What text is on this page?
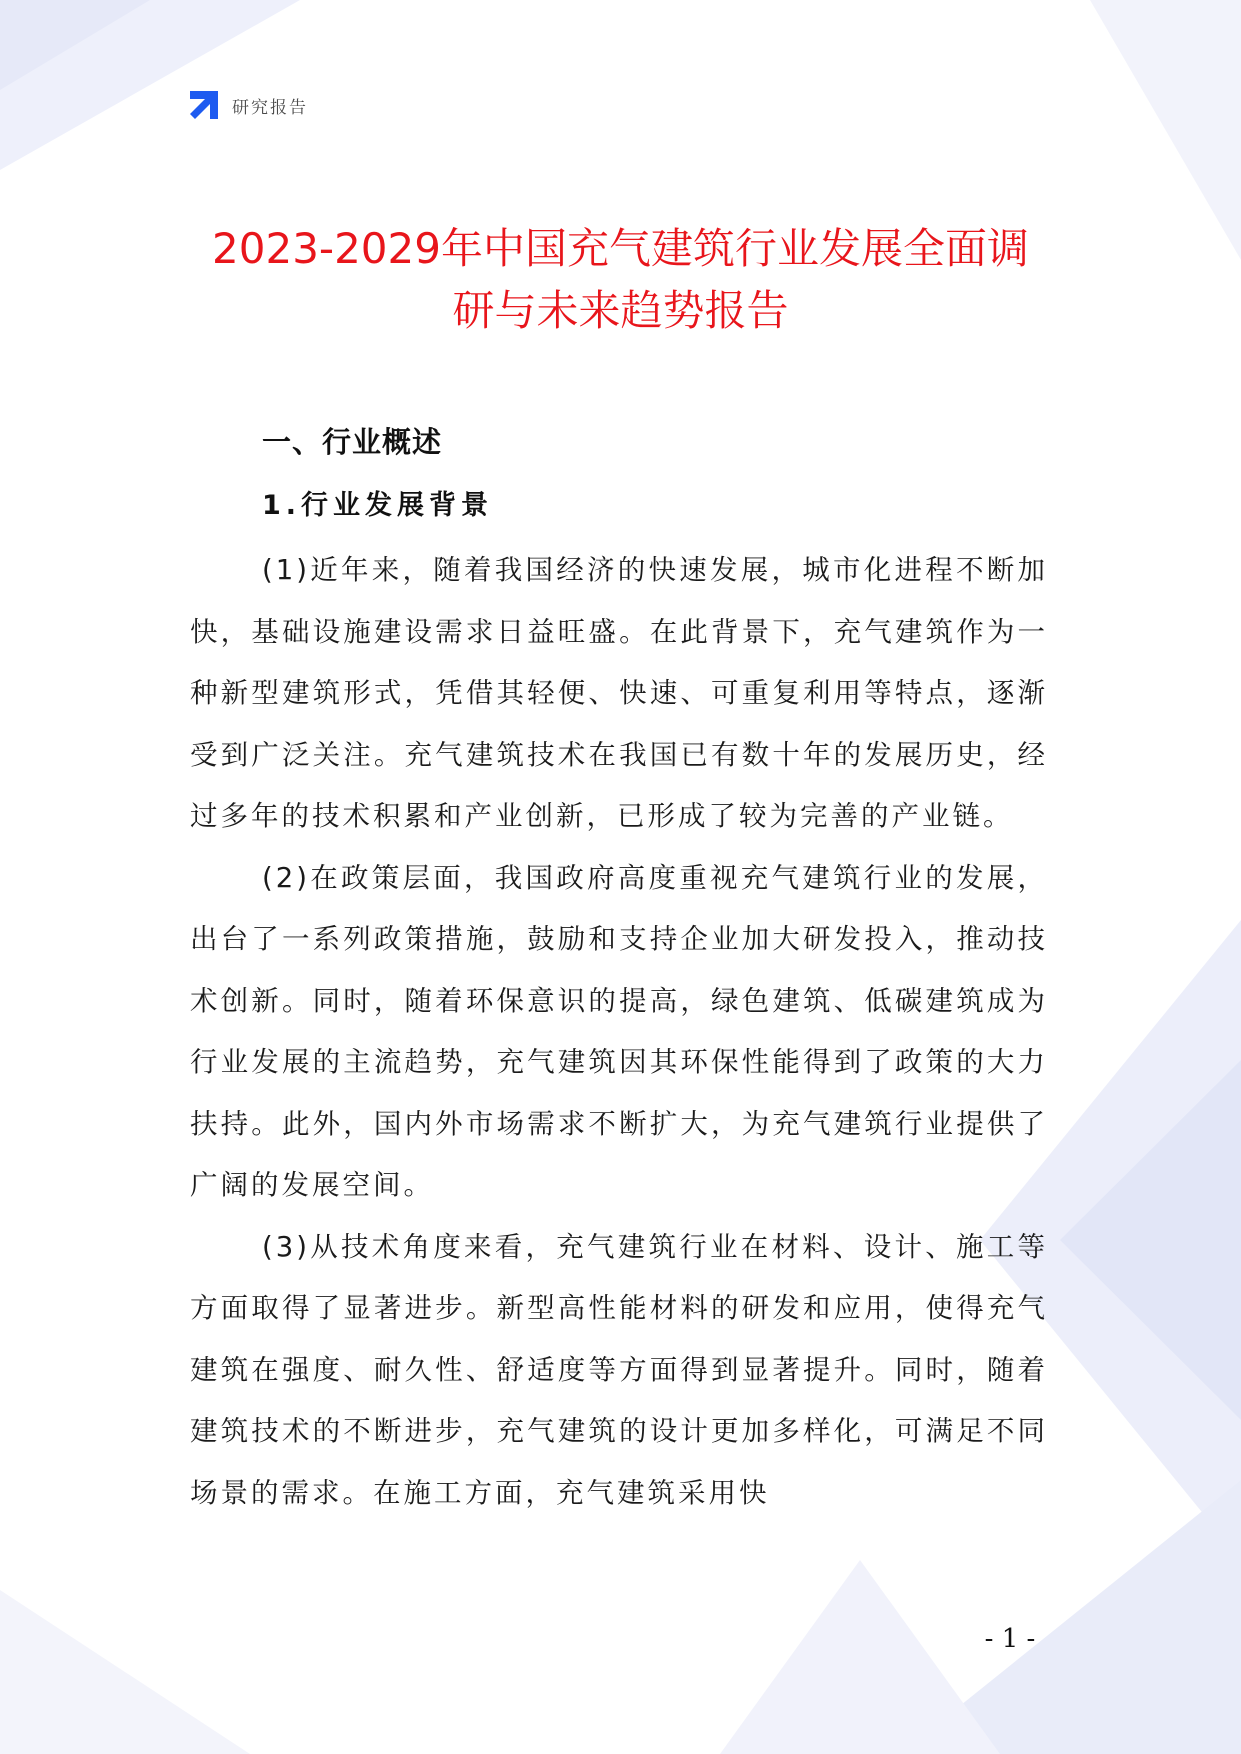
研究报告
2023-2029年中国充气建筑行业发展全面调
研与未来趋势报告
一、行业概述
1.行业发展背景

(1)近年来，随着我国经济的快速发展，城市化进程不断加快，基础设施建设需求日益旺盛。在此背景下，充气建筑作为一种新型建筑形式，凭借其轻便、快速、可重复利用等特点，逐渐受到广泛关注。充气建筑技术在我国已有数十年的发展历史，经过多年的技术积累和产业创新，已形成了较为完善的产业链。

(2)在政策层面，我国政府高度重视充气建筑行业的发展，出台了一系列政策措施，鼓励和支持企业加大研发投入，推动技术创新。同时，随着环保意识的提高，绿色建筑、低碳建筑成为行业发展的主流趋势，充气建筑因其环保性能得到了政策的大力扶持。此外，国内外市场需求不断扩大，为充气建筑行业提供了广阔的发展空间。

(3)从技术角度来看，充气建筑行业在材料、设计、施工等方面取得了显著进步。新型高性能材料的研发和应用，使得充气建筑在强度、耐久性、舒适度等方面得到显著提升。同时，随着建筑技术的不断进步，充气建筑的设计更加多样化，可满足不同场景的需求。在施工方面，充气建筑采用快

- 1 -
